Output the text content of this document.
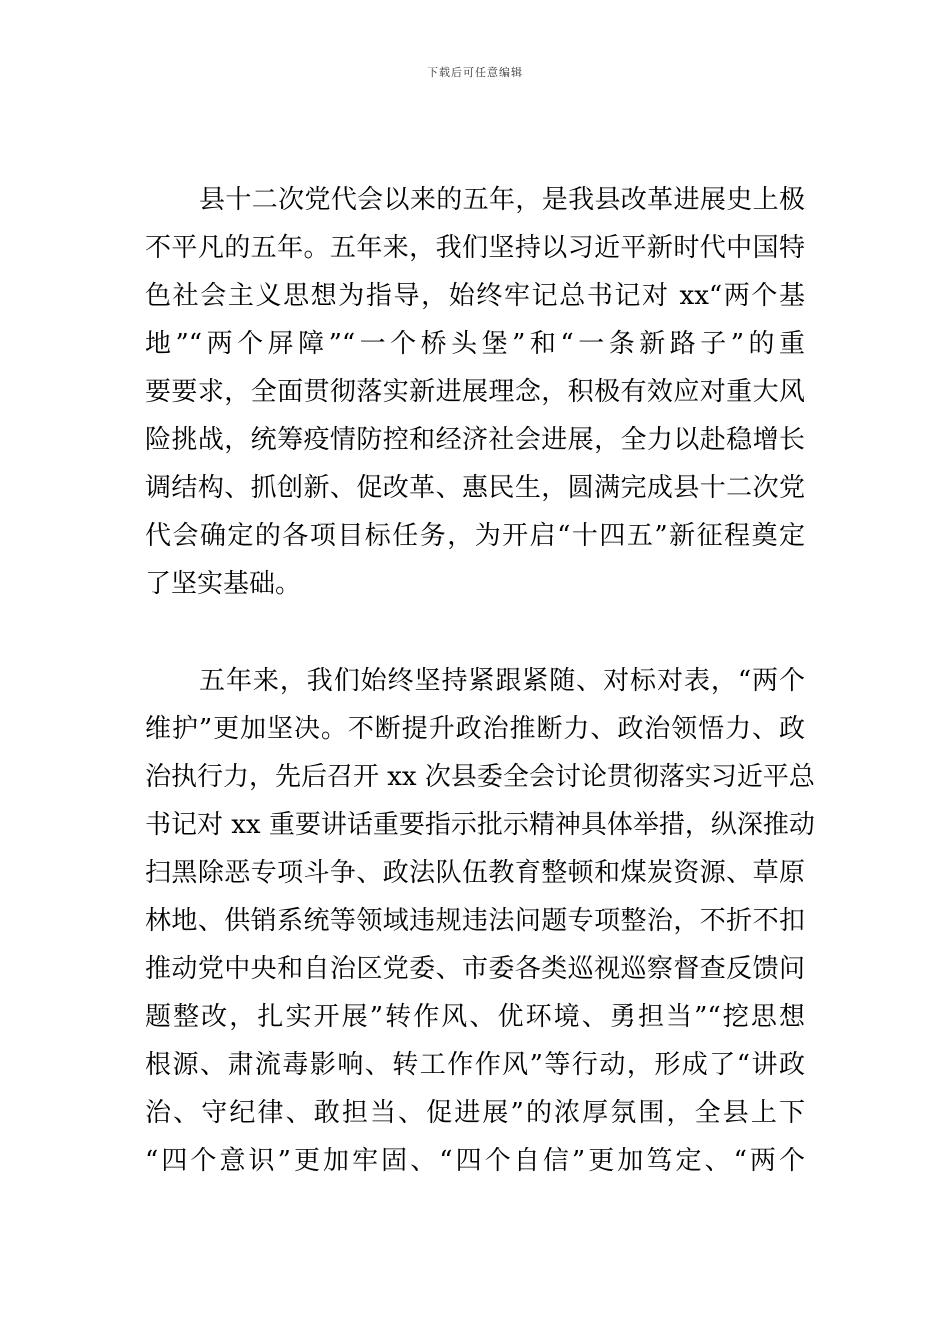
下载后可任意编辑
县十二次党代会以来的五年，是我县改革进展史上极
不平凡的五年。五年来，我们坚持以习近平新时代中国特
色社会主义思想为指导，始终牢记总书记对 xx“两个基
地”“两个屏障”“一个桥头堡”和“一条新路子”的重
要要求，全面贯彻落实新进展理念，积极有效应对重大风
险挑战，统筹疫情防控和经济社会进展，全力以赴稳增长
调结构、抓创新、促改革、惠民生，圆满完成县十二次党
代会确定的各项目标任务，为开启“十四五”新征程奠定
了坚实基础。
五年来，我们始终坚持紧跟紧随、对标对表，“两个
维护”更加坚决。不断提升政治推断力、政治领悟力、政
治执行力，先后召开 xx 次县委全会讨论贯彻落实习近平总
书记对 xx 重要讲话重要指示批示精神具体举措，纵深推动
扫黑除恶专项斗争、政法队伍教育整顿和煤炭资源、草原
林地、供销系统等领域违规违法问题专项整治，不折不扣
推动党中央和自治区党委、市委各类巡视巡察督查反馈问
题整改，扎实开展”转作风、优环境、勇担当”“挖思想
根源、肃流毒影响、转工作作风”等行动，形成了“讲政
治、守纪律、敢担当、促进展”的浓厚氛围，全县上下
“四个意识”更加牢固、“四个自信”更加笃定、“两个
